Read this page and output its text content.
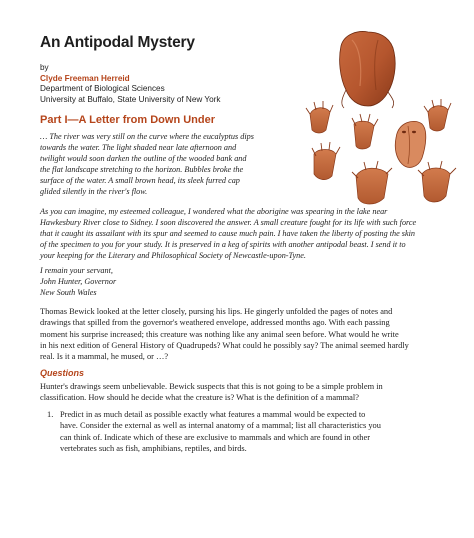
An Antipodal Mystery
by
Clyde Freeman Herreid
Department of Biological Sciences
University at Buffalo, State University of New York
Part I—A Letter from Down Under
… The river was very still on the curve where the eucalyptus dips
towards the water. The light shaded near late afternoon and
twilight would soon darken the outline of the wooded bank and
the flat landscape stretching to the horizon. Bubbles broke the
surface of the water. A small brown head, its sleek furred cap
glided silently in the river's flow.
As you can imagine, my esteemed colleague, I wondered what the aborigine was spearing in the lake near
Hawkesbury River close to Sidney. I soon discovered the answer. A small creature fought for its life with such force
that it caught its assailant with its spur and seemed to cause much pain. I have taken the liberty of posting the skin
of the specimen to you for your study. It is preserved in a keg of spirits with another antipodal beast. I send it to
your keeping for the Literary and Philosophical Society of Newcastle-upon-Tyne.
I remain your servant,
John Hunter, Governor
New South Wales
Thomas Bewick looked at the letter closely, pursing his lips. He gingerly unfolded the pages of notes and
drawings that spilled from the governor's weathered envelope, addressed months ago. With each passing
moment his surprise increased; this creature was nothing like any animal seen before. What would he write
in his next edition of General History of Quadrupeds? What could he possibly say? The animal seemed hardly
real. Is it a mammal, he mused, or …?
Questions
Hunter's drawings seem unbelievable. Bewick suspects that this is not going to be a simple problem in
classification. How should he decide what the creature is? What is the definition of a mammal?
1. Predict in as much detail as possible exactly what features a mammal would be expected to
have. Consider the external as well as internal anatomy of a mammal; list all characteristics you
can think of. Indicate which of these are exclusive to mammals and which are found in other
vertebrates such as fish, amphibians, reptiles, and birds.
